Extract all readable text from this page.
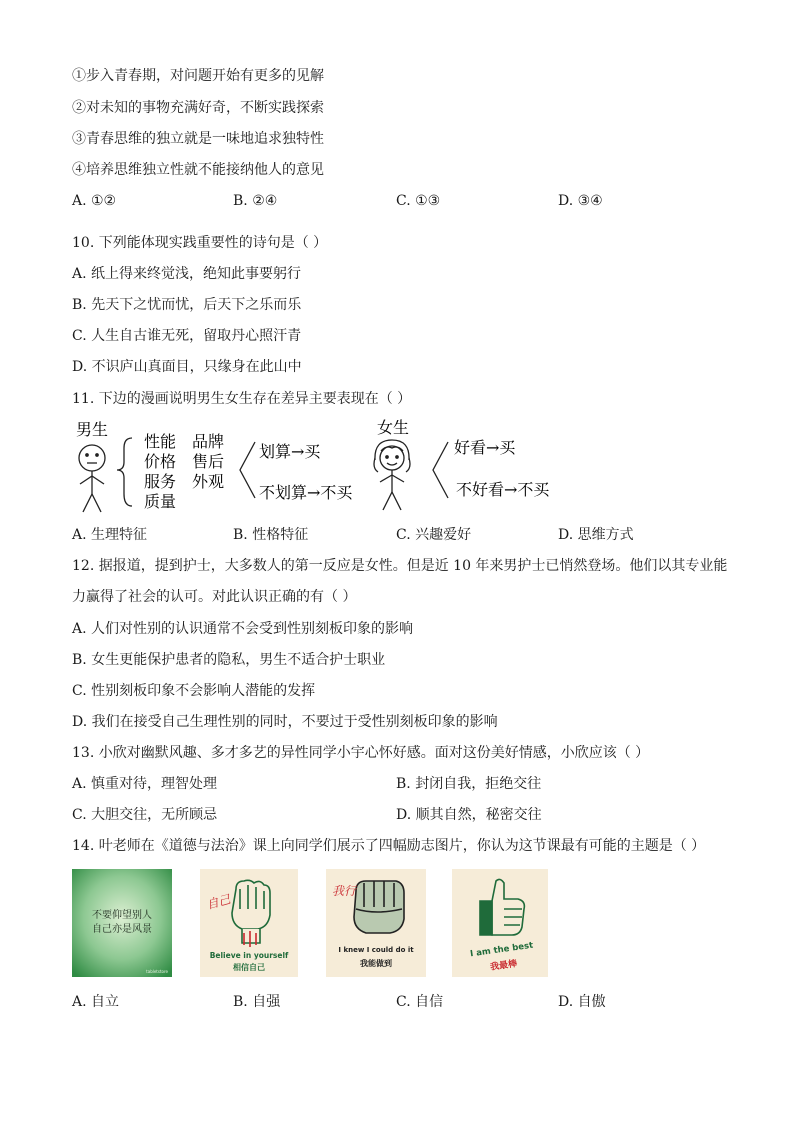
①步入青春期，对问题开始有更多的见解
②对未知的事物充满好奇，不断实践探索
③青春思维的独立就是一味地追求独特性
④培养思维独立性就不能接纳他人的意见
A. ①②	B. ②④	C. ①③	D. ③④
10. 下列能体现实践重要性的诗句是（ ）
A. 纸上得来终觉浅，绝知此事要躬行
B. 先天下之忧而忧，后天下之乐而乐
C. 人生自古谁无死，留取丹心照汗青
D. 不识庐山真面目，只缘身在此山中
11. 下边的漫画说明男生女生存在差异主要表现在（ ）
男生
性能 品牌
价格 售后
服务 外观
质量
划算→买
不划算→不买
女生
好看→买
不好看→不买
A. 生理特征	B. 性格特征	C. 兴趣爱好	D. 思维方式
12. 据报道，提到护士，大多数人的第一反应是女性。但是近 10 年来男护士已悄然登场。他们以其专业能
力赢得了社会的认可。对此认识正确的有（ ）
A. 人们对性别的认识通常不会受到性别刻板印象的影响
B. 女生更能保护患者的隐私，男生不适合护士职业
C. 性别刻板印象不会影响人潜能的发挥
D. 我们在接受自己生理性别的同时，不要过于受性别刻板印象的影响
13. 小欣对幽默风趣、多才多艺的异性同学小宇心怀好感。面对这份美好情感，小欣应该（ ）
A. 慎重对待，理智处理	B. 封闭自我，拒绝交往
C. 大胆交往，无所顾忌	D. 顺其自然，秘密交往
14. 叶老师在《道德与法治》课上向同学们展示了四幅励志图片，你认为这节课最有可能的主题是（ ）
不要仰望别人
自己亦是风景
tabletstore
自己
Believe in yourself
相信自己
我行
I knew I could do it
我能做到
I am the best
我最棒
A. 自立	B. 自强	C. 自信	D. 自傲
